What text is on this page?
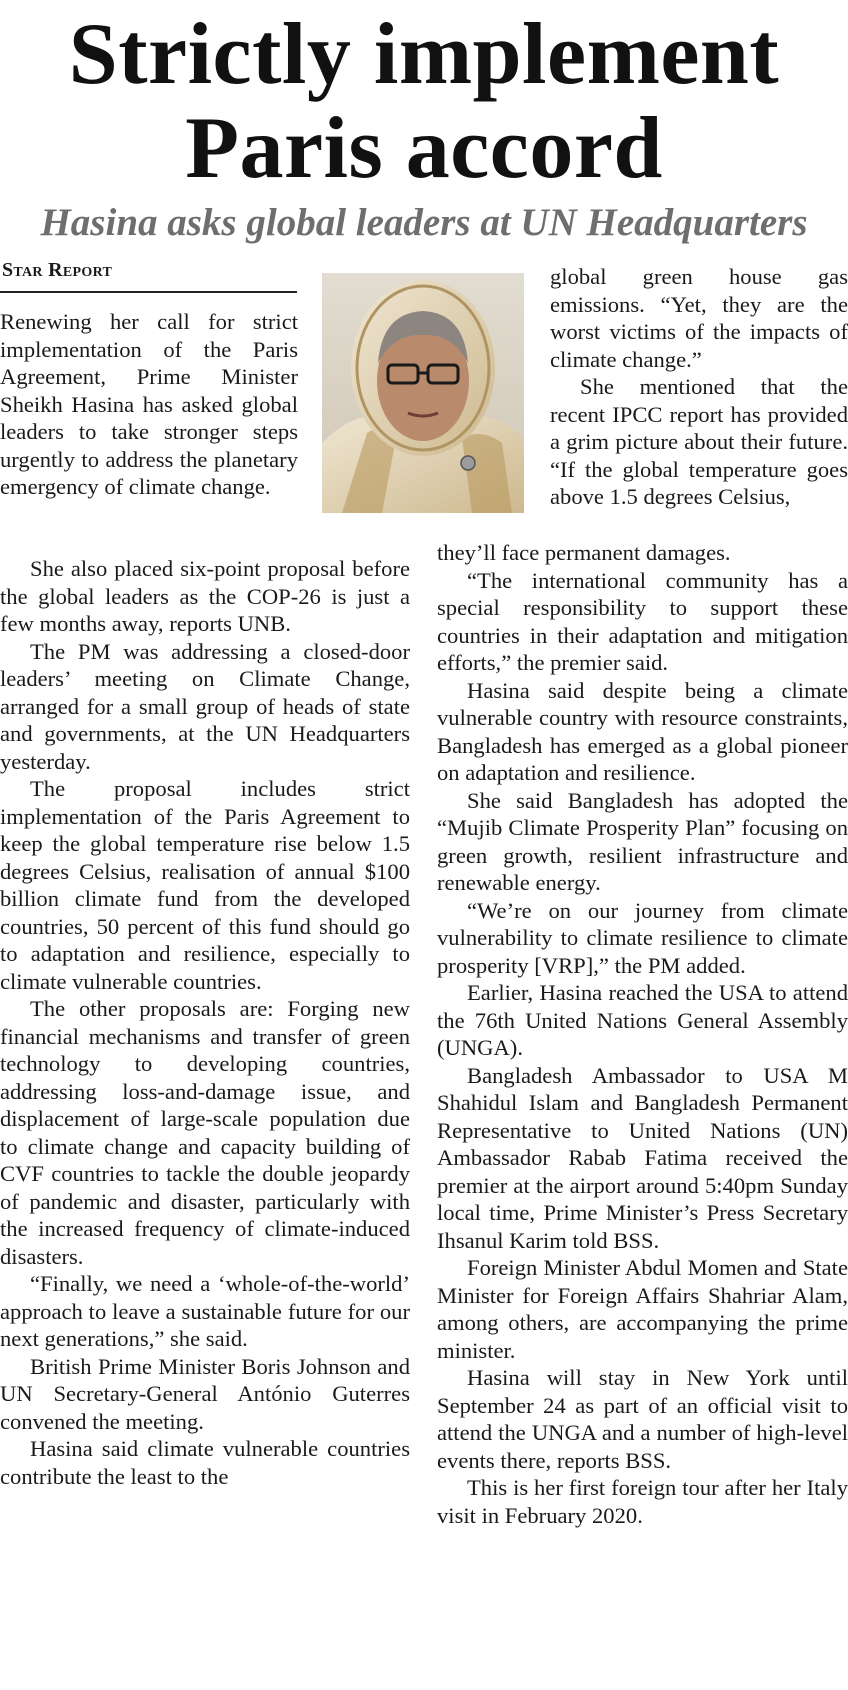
Strictly implement
Paris accord
Hasina asks global leaders at UN Headquarters
Star Report

Renewing her call for strict implementation of the Paris Agreement, Prime Minister Sheikh Hasina has asked global leaders to take stronger steps urgently to address the planetary emergency of climate change.

She also placed six-point proposal before the global leaders as the COP-26 is just a few months away, reports UNB.

The PM was addressing a closed-door leaders’ meeting on Climate Change, arranged for a small group of heads of state and governments, at the UN Headquarters yesterday.

The proposal includes strict implementation of the Paris Agreement to keep the global temperature rise below 1.5 degrees Celsius, realisation of annual $100 billion climate fund from the developed countries, 50 percent of this fund should go to adaptation and resilience, especially to climate vulnerable countries.

The other proposals are: Forging new financial mechanisms and transfer of green technology to developing countries, addressing loss-and-damage issue, and displacement of large-scale population due to climate change and capacity building of CVF countries to tackle the double jeopardy of pandemic and disaster, particularly with the increased frequency of climate-induced disasters.

“Finally, we need a ‘whole-of-the-world’ approach to leave a sustainable future for our next generations,” she said.

British Prime Minister Boris Johnson and UN Secretary-General António Guterres convened the meeting.

Hasina said climate vulnerable countries contribute the least to the

global green house gas emissions. “Yet, they are the worst victims of the impacts of climate change.”

She mentioned that the recent IPCC report has provided a grim picture about their future. “If the global temperature goes above 1.5 degrees Celsius,

they’ll face permanent damages.

“The international community has a special responsibility to support these countries in their adaptation and mitigation efforts,” the premier said.

Hasina said despite being a climate vulnerable country with resource constraints, Bangladesh has emerged as a global pioneer on adaptation and resilience.

She said Bangladesh has adopted the “Mujib Climate Prosperity Plan” focusing on green growth, resilient infrastructure and renewable energy.

“We’re on our journey from climate vulnerability to climate resilience to climate prosperity [VRP],” the PM added.

Earlier, Hasina reached the USA to attend the 76th United Nations General Assembly (UNGA).

Bangladesh Ambassador to USA M Shahidul Islam and Bangladesh Permanent Representative to United Nations (UN) Ambassador Rabab Fatima received the premier at the airport around 5:40pm Sunday local time, Prime Minister’s Press Secretary Ihsanul Karim told BSS.

Foreign Minister Abdul Momen and State Minister for Foreign Affairs Shahriar Alam, among others, are accompanying the prime minister.

Hasina will stay in New York until September 24 as part of an official visit to attend the UNGA and a number of high-level events there, reports BSS.

This is her first foreign tour after her Italy visit in February 2020.
